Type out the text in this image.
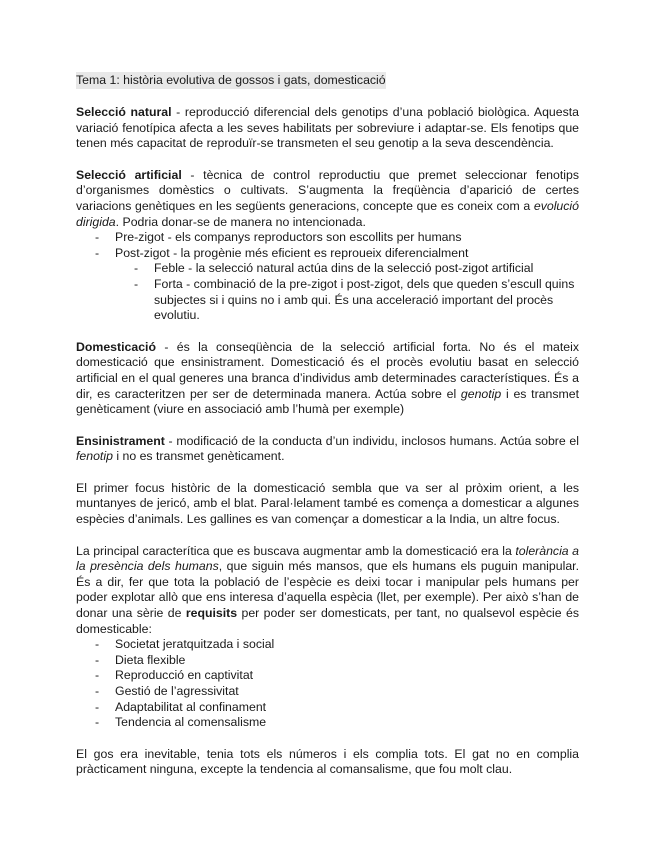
Tema 1: història evolutiva de gossos i gats, domesticació

Selecció natural - reproducció diferencial dels genotips d’una població biològica. Aquesta variació fenotípica afecta a les seves habilitats per sobreviure i adaptar-se. Els fenotips que tenen més capacitat de reproduïr-se transmeten el seu genotip a la seva descendència.

Selecció artificial - tècnica de control reproductiu que premet seleccionar fenotips d’organismes domèstics o cultivats. S’augmenta la freqüència d’aparició de certes variacions genètiques en les següents generacions, concepte que es coneix com a evolució dirigida. Podria donar-se de manera no intencionada.

- Pre-zigot - els companys reproductors son escollits per humans
- Post-zigot - la progènie més eficient es reproueix diferencialment
- Feble - la selecció natural actúa dins de la selecció post-zigot artificial
- Forta - combinació de la pre-zigot i post-zigot, dels que queden s’escull quins subjectes si i quins no i amb qui. És una acceleració important del procès evolutiu.

Domesticació - és la conseqüència de la selecció artificial forta. No és el mateix domesticació que ensinistrament. Domesticació és el procès evolutiu basat en selecció artificial en el qual generes una branca d’individus amb determinades característiques. És a dir, es caracteritzen per ser de determinada manera. Actúa sobre el genotip i es transmet genèticament (viure en associació amb l’humà per exemple)

Ensinistrament - modificació de la conducta d’un individu, inclosos humans. Actúa sobre el fenotip i no es transmet genèticament.

El primer focus històric de la domesticació sembla que va ser al pròxim orient, a les muntanyes de jericó, amb el blat. Paral·lelament també es comença a domesticar a algunes espècies d’animals. Les gallines es van començar a domesticar a la India, un altre focus.

La principal caracterítica que es buscava augmentar amb la domesticació era la tolerància a la presència dels humans, que siguin més mansos, que els humans els puguin manipular. És a dir, fer que tota la població de l’espècie es deixi tocar i manipular pels humans per poder explotar allò que ens interesa d’aquella espècia (llet, per exemple). Per això s’han de donar una sèrie de requisits per poder ser domesticats, per tant, no qualsevol espècie és domesticable:

- Societat jeratquitzada i social
- Dieta flexible
- Reproducció en captivitat
- Gestió de l’agressivitat
- Adaptabilitat al confinament
- Tendencia al comensalisme

El gos era inevitable, tenia tots els números i els complia tots. El gat no en complia pràcticament ninguna, excepte la tendencia al comansalisme, que fou molt clau.
